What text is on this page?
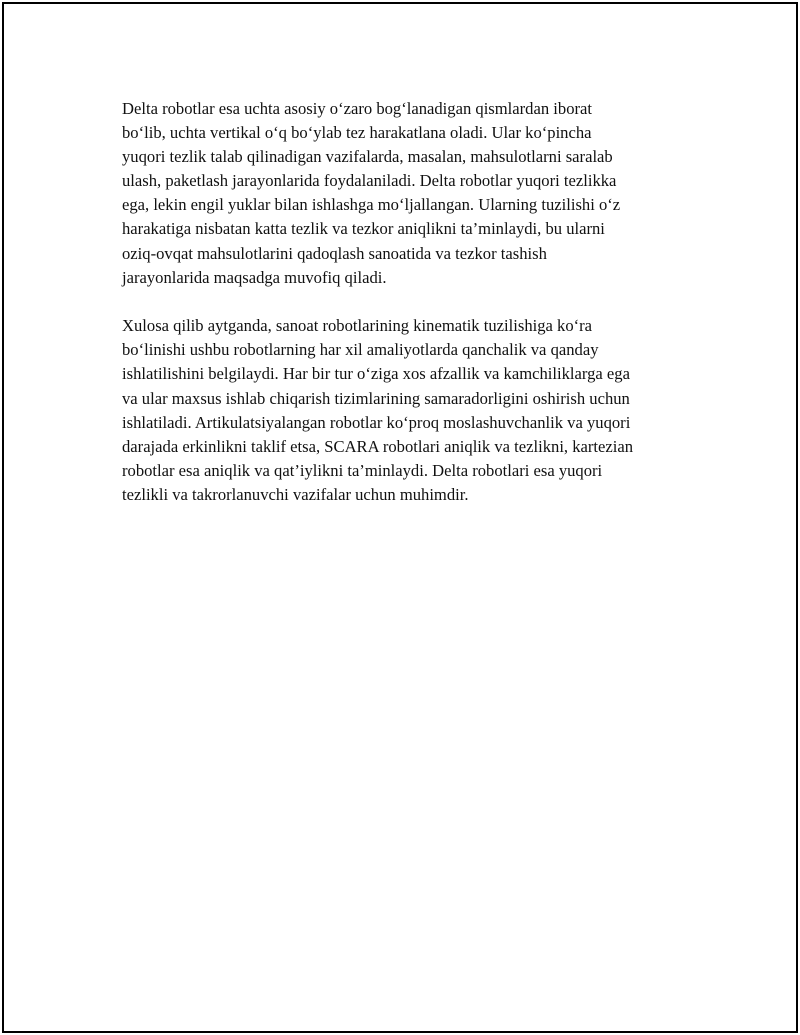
Delta robotlar esa uchta asosiy o‘zaro bog‘lanadigan qismlardan iborat
bo‘lib, uchta vertikal o‘q bo‘ylab tez harakatlana oladi. Ular ko‘pincha
yuqori tezlik talab qilinadigan vazifalarda, masalan, mahsulotlarni saralab
ulash, paketlash jarayonlarida foydalaniladi. Delta robotlar yuqori tezlikka
ega, lekin engil yuklar bilan ishlashga mo‘ljallangan. Ularning tuzilishi o‘z
harakatiga nisbatan katta tezlik va tezkor aniqlikni ta’minlaydi, bu ularni
oziq-ovqat mahsulotlarini qadoqlash sanoatida va tezkor tashish
jarayonlarida maqsadga muvofiq qiladi.

Xulosa qilib aytganda, sanoat robotlarining kinematik tuzilishiga ko‘ra
bo‘linishi ushbu robotlarning har xil amaliyotlarda qanchalik va qanday
ishlatilishini belgilaydi. Har bir tur o‘ziga xos afzallik va kamchiliklarga ega
va ular maxsus ishlab chiqarish tizimlarining samaradorligini oshirish uchun
ishlatiladi. Artikulatsiyalangan robotlar ko‘proq moslashuvchanlik va yuqori
darajada erkinlikni taklif etsa, SCARA robotlari aniqlik va tezlikni, kartezian
robotlar esa aniqlik va qat’iylikni ta’minlaydi. Delta robotlari esa yuqori
tezlikli va takrorlanuvchi vazifalar uchun muhimdir.
